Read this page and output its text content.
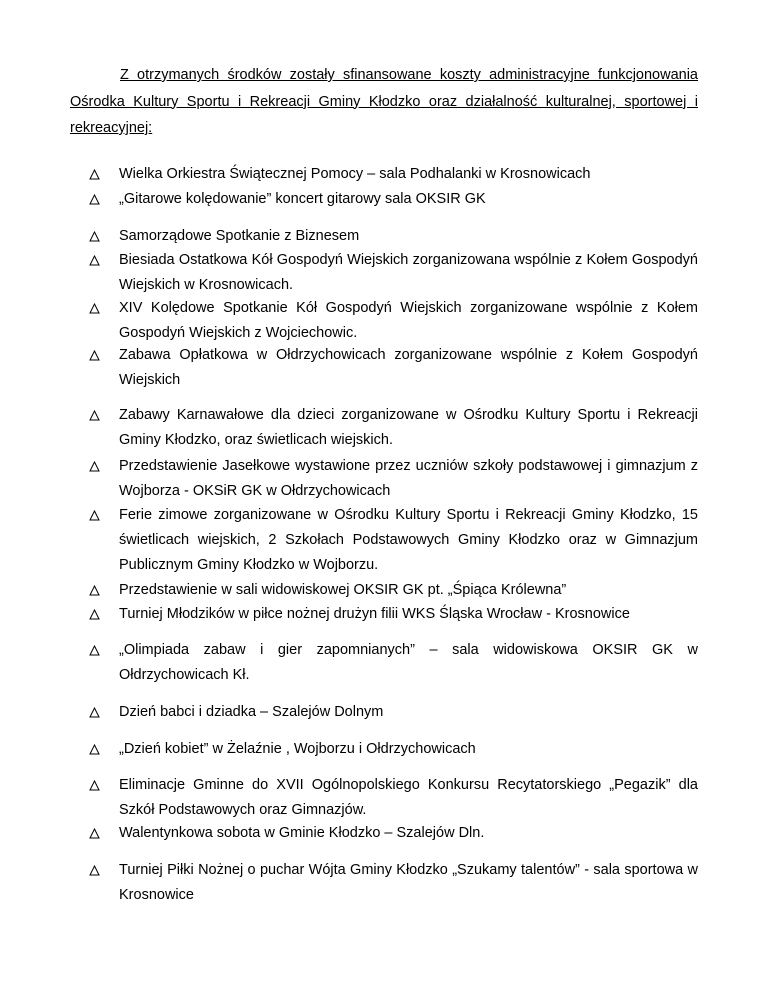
Z otrzymanych środków zostały sfinansowane koszty administracyjne funkcjonowania Ośrodka Kultury Sportu i Rekreacji Gminy Kłodzko oraz działalność kulturalnej, sportowej i rekreacyjnej:

Wielka Orkiestra Świątecznej Pomocy – sala Podhalanki w Krosnowicach
„Gitarowe kolędowanie” koncert gitarowy sala OKSIR GK
Samorządowe Spotkanie z Biznesem
Biesiada Ostatkowa Kół Gospodyń Wiejskich zorganizowana wspólnie z Kołem Gospodyń Wiejskich w Krosnowicach.
XIV Kolędowe Spotkanie Kół Gospodyń Wiejskich zorganizowane wspólnie z Kołem Gospodyń Wiejskich z Wojciechowic.
Zabawa Opłatkowa w Ołdrzychowicach zorganizowane wspólnie z Kołem Gospodyń Wiejskich
Zabawy Karnawałowe dla dzieci zorganizowane w Ośrodku Kultury Sportu i Rekreacji Gminy Kłodzko, oraz świetlicach wiejskich.
Przedstawienie Jasełkowe wystawione przez uczniów szkoły podstawowej i gimnazjum z Wojborza - OKSiR GK w Ołdrzychowicach
Ferie zimowe zorganizowane w Ośrodku Kultury Sportu i Rekreacji Gminy Kłodzko, 15 świetlicach wiejskich, 2 Szkołach Podstawowych Gminy Kłodzko oraz w Gimnazjum Publicznym Gminy Kłodzko w Wojborzu.
Przedstawienie w sali widowiskowej OKSIR GK pt. „Śpiąca Królewna”
Turniej Młodzików w piłce nożnej drużyn filii WKS Śląska Wrocław - Krosnowice
„Olimpiada zabaw i gier zapomnianych” – sala widowiskowa OKSIR GK w Ołdrzychowicach Kł.
Dzień babci i dziadka – Szalejów Dolnym
„Dzień kobiet” w Żelaźnie , Wojborzu i Ołdrzychowicach
Eliminacje Gminne do XVII Ogólnopolskiego Konkursu Recytatorskiego „Pegazik” dla Szkół Podstawowych oraz Gimnazjów.
Walentynkowa sobota w Gminie Kłodzko – Szalejów Dln.
Turniej Piłki Nożnej o puchar Wójta Gminy Kłodzko „Szukamy talentów” - sala sportowa w Krosnowice
